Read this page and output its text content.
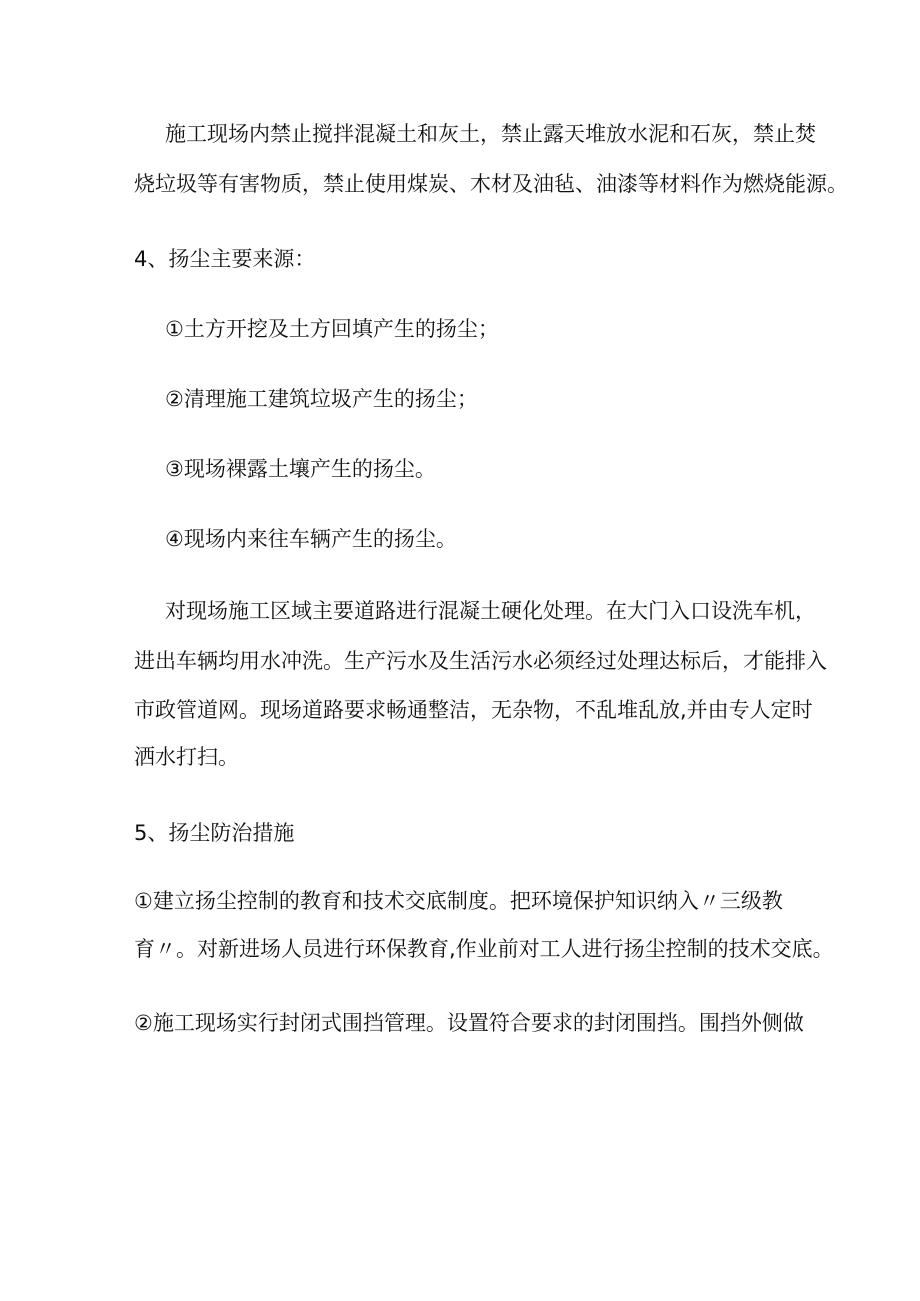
施工现场内禁止搅拌混凝土和灰土，禁止露天堆放水泥和石灰，禁止焚

烧垃圾等有害物质，禁止使用煤炭、木材及油毡、油漆等材料作为燃烧能源。

4、扬尘主要来源：

①土方开挖及土方回填产生的扬尘；

②清理施工建筑垃圾产生的扬尘；

③现场裸露土壤产生的扬尘。

④现场内来往车辆产生的扬尘。

对现场施工区域主要道路进行混凝土硬化处理。在大门入口设洗车机，

进出车辆均用水冲洗。生产污水及生活污水必须经过处理达标后，才能排入

市政管道网。现场道路要求畅通整洁，无杂物，不乱堆乱放,并由专人定时

洒水打扫。

5、扬尘防治措施

①建立扬尘控制的教育和技术交底制度。把环境保护知识纳入〃三级教

育〃。对新进场人员进行环保教育,作业前对工人进行扬尘控制的技术交底。

②施工现场实行封闭式围挡管理。设置符合要求的封闭围挡。围挡外侧做
